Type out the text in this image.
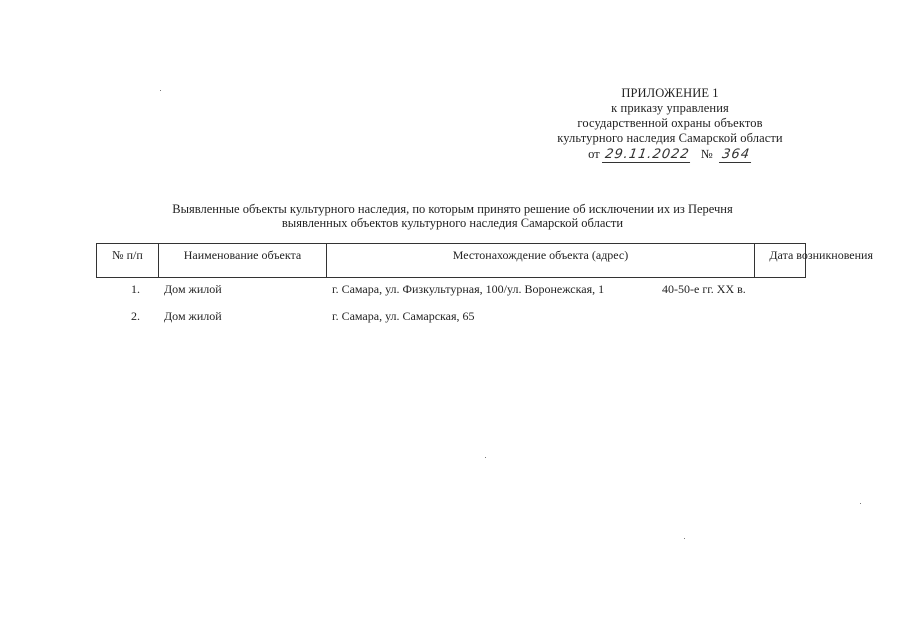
ПРИЛОЖЕНИЕ 1
к приказу управления
государственной охраны объектов
культурного наследия Самарской области
от 29.11.2022 № 364
Выявленные объекты культурного наследия, по которым принято решение об исключении их из Перечня
выявленных объектов культурного наследия Самарской области
№ п/п	Наименование объекта	Местонахождение объекта (адрес)	Дата возникновения
1. Дом жилой	г. Самара, ул. Физкультурная, 100/ул. Воронежская, 1	40-50-е гг. XX в.
2. Дом жилой	г. Самара, ул. Самарская, 65
